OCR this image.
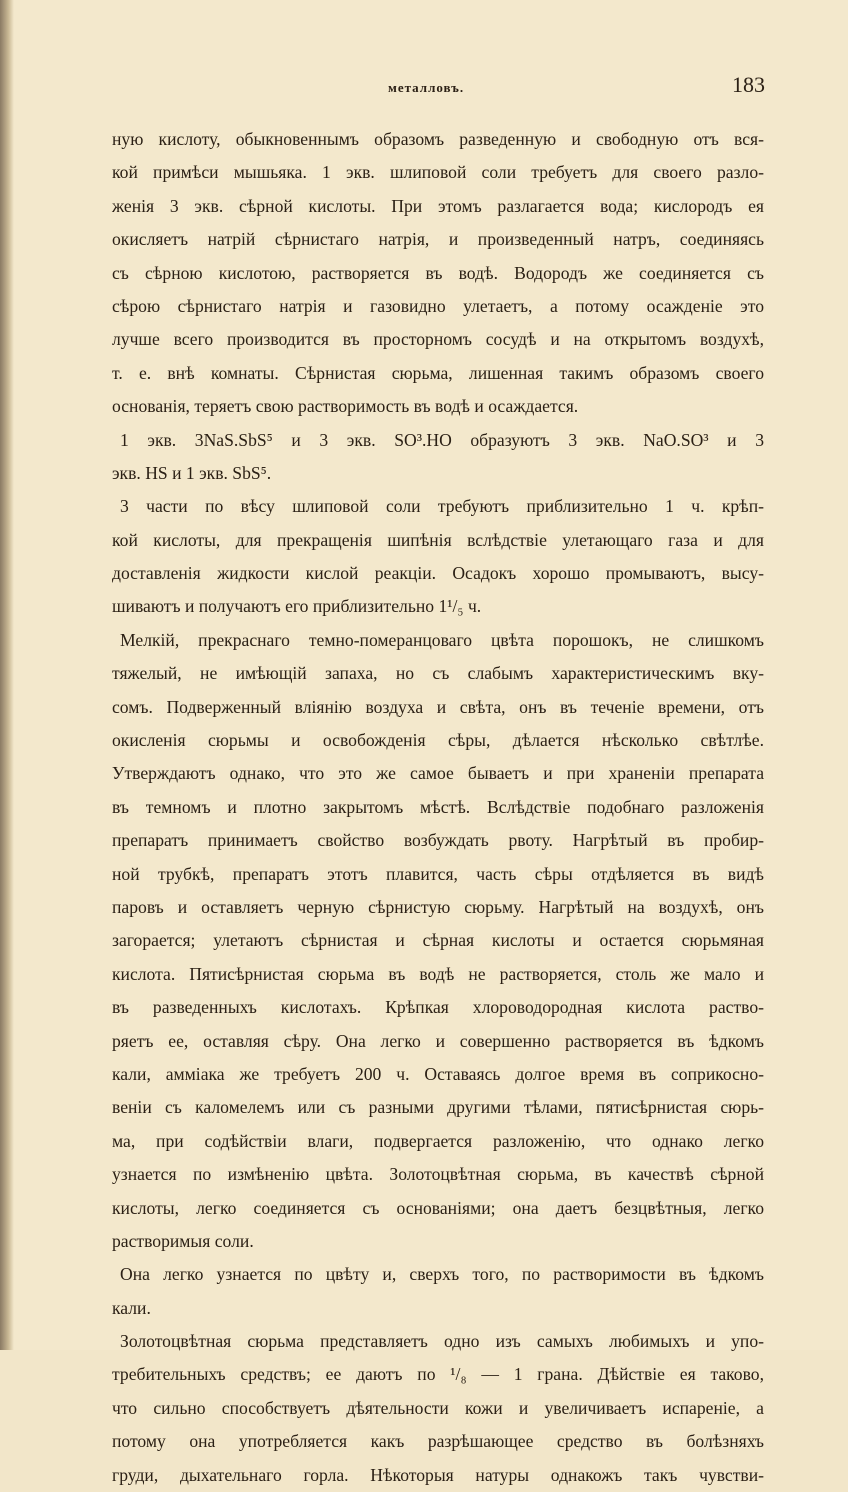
металловъ.	183
ную кислоту, обыкновеннымъ образомъ разведенную и свободную отъ вся-
кой примѣси мышьяка. 1 экв. шлиповой соли требуетъ для своего разло-
женія 3 экв. сѣрной кислоты. При этомъ разлагается вода; кислородъ ея
окисляетъ натрій сѣрнистаго натрія, и произведенный натръ, соединяясь
съ сѣрною кислотою, растворяется въ водѣ. Водородъ же соединяется съ
сѣрою сѣрнистаго натрія и газовидно улетаетъ, а потому осажденіе это
лучше всего производится въ просторномъ сосудѣ и на открытомъ воздухѣ,
т. е. внѣ комнаты. Сѣрнистая сюрьма, лишенная такимъ образомъ своего
основанія, теряетъ свою растворимость въ водѣ и осаждается.
1 экв. 3NaS.SbS⁵ и 3 экв. SO³.HO образуютъ 3 экв. NaO.SO³ и 3
экв. HS и 1 экв. SbS⁵.
3 части по вѣсу шлиповой соли требуютъ приблизительно 1 ч. крѣп-
кой кислоты, для прекращенія шипѣнія вслѣдствіе улетающаго газа и для
доставленія жидкости кислой реакціи. Осадокъ хорошо промываютъ, высу-
шиваютъ и получаютъ его приблизительно 1¹/₅ ч.
Мелкій, прекраснаго темно-померанцоваго цвѣта порошокъ, не слишкомъ
тяжелый, не имѣющій запаха, но съ слабымъ характеристическимъ вку-
сомъ. Подверженный вліянію воздуха и свѣта, онъ въ теченіе времени, отъ
окисленія сюрьмы и освобожденія сѣры, дѣлается нѣсколько свѣтлѣе.
Утверждаютъ однако, что это же самое бываетъ и при храненіи препарата
въ темномъ и плотно закрытомъ мѣстѣ. Вслѣдствіе подобнаго разложенія
препаратъ принимаетъ свойство возбуждать рвоту. Нагрѣтый въ пробир-
ной трубкѣ, препаратъ этотъ плавится, часть сѣры отдѣляется въ видѣ
паровъ и оставляетъ черную сѣрнистую сюрьму. Нагрѣтый на воздухѣ, онъ
загорается; улетаютъ сѣрнистая и сѣрная кислоты и остается сюрьмяная
кислота. Пятисѣрнистая сюрьма въ водѣ не растворяется, столь же мало и
въ разведенныхъ кислотахъ. Крѣпкая хлороводородная кислота раство-
ряетъ ее, оставляя сѣру. Она легко и совершенно растворяется въ ѣдкомъ
кали, амміака же требуетъ 200 ч. Оставаясь долгое время въ соприкосно-
веніи съ каломелемъ или съ разными другими тѣлами, пятисѣрнистая сюрь-
ма, при содѣйствіи влаги, подвергается разложенію, что однако легко
узнается по измѣненію цвѣта. Золотоцвѣтная сюрьма, въ качествѣ сѣрной
кислоты, легко соединяется съ основаніями; она даетъ безцвѣтныя, легко
растворимыя соли.
Она легко узнается по цвѣту и, сверхъ того, по растворимости въ ѣдкомъ
кали.
Золотоцвѣтная сюрьма представляетъ одно изъ самыхъ любимыхъ и упо-
требительныхъ средствъ; ее даютъ по ¹/₈ — 1 грана. Дѣйствіе ея таково,
что сильно способствуетъ дѣятельности кожи и увеличиваетъ испареніе, а
потому она употребляется какъ разрѣшающее средство въ болѣзняхъ
груди, дыхательнаго горла. Нѣкоторыя натуры однакожъ такъ чувстви-
